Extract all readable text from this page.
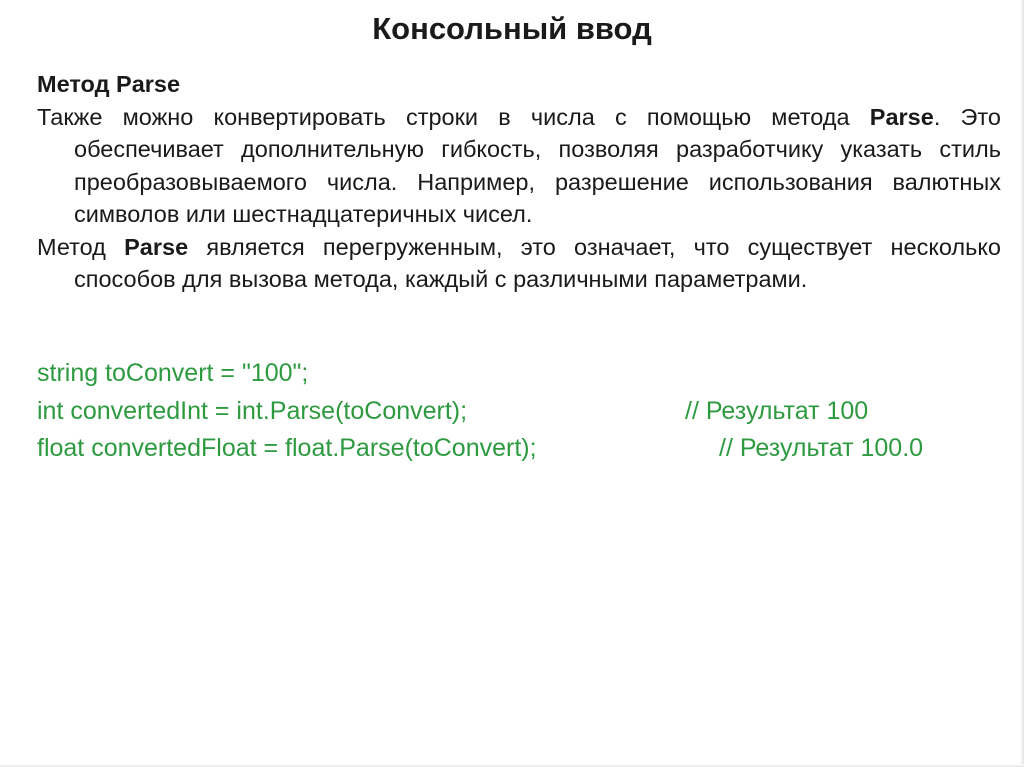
Консольный ввод

Метод Parse

Также можно конвертировать строки в числа с помощью метода Parse. Это обеспечивает дополнительную гибкость, позволяя разработчику указать стиль преобразовываемого числа. Например, разрешение использования валютных символов или шестнадцатеричных чисел.

Метод Parse является перегруженным, это означает, что существует несколько способов для вызова метода, каждый с различными параметрами.

string toConvert = "100";
int convertedInt = int.Parse(toConvert);	// Результат 100
float convertedFloat = float.Parse(toConvert);	// Результат 100.0
